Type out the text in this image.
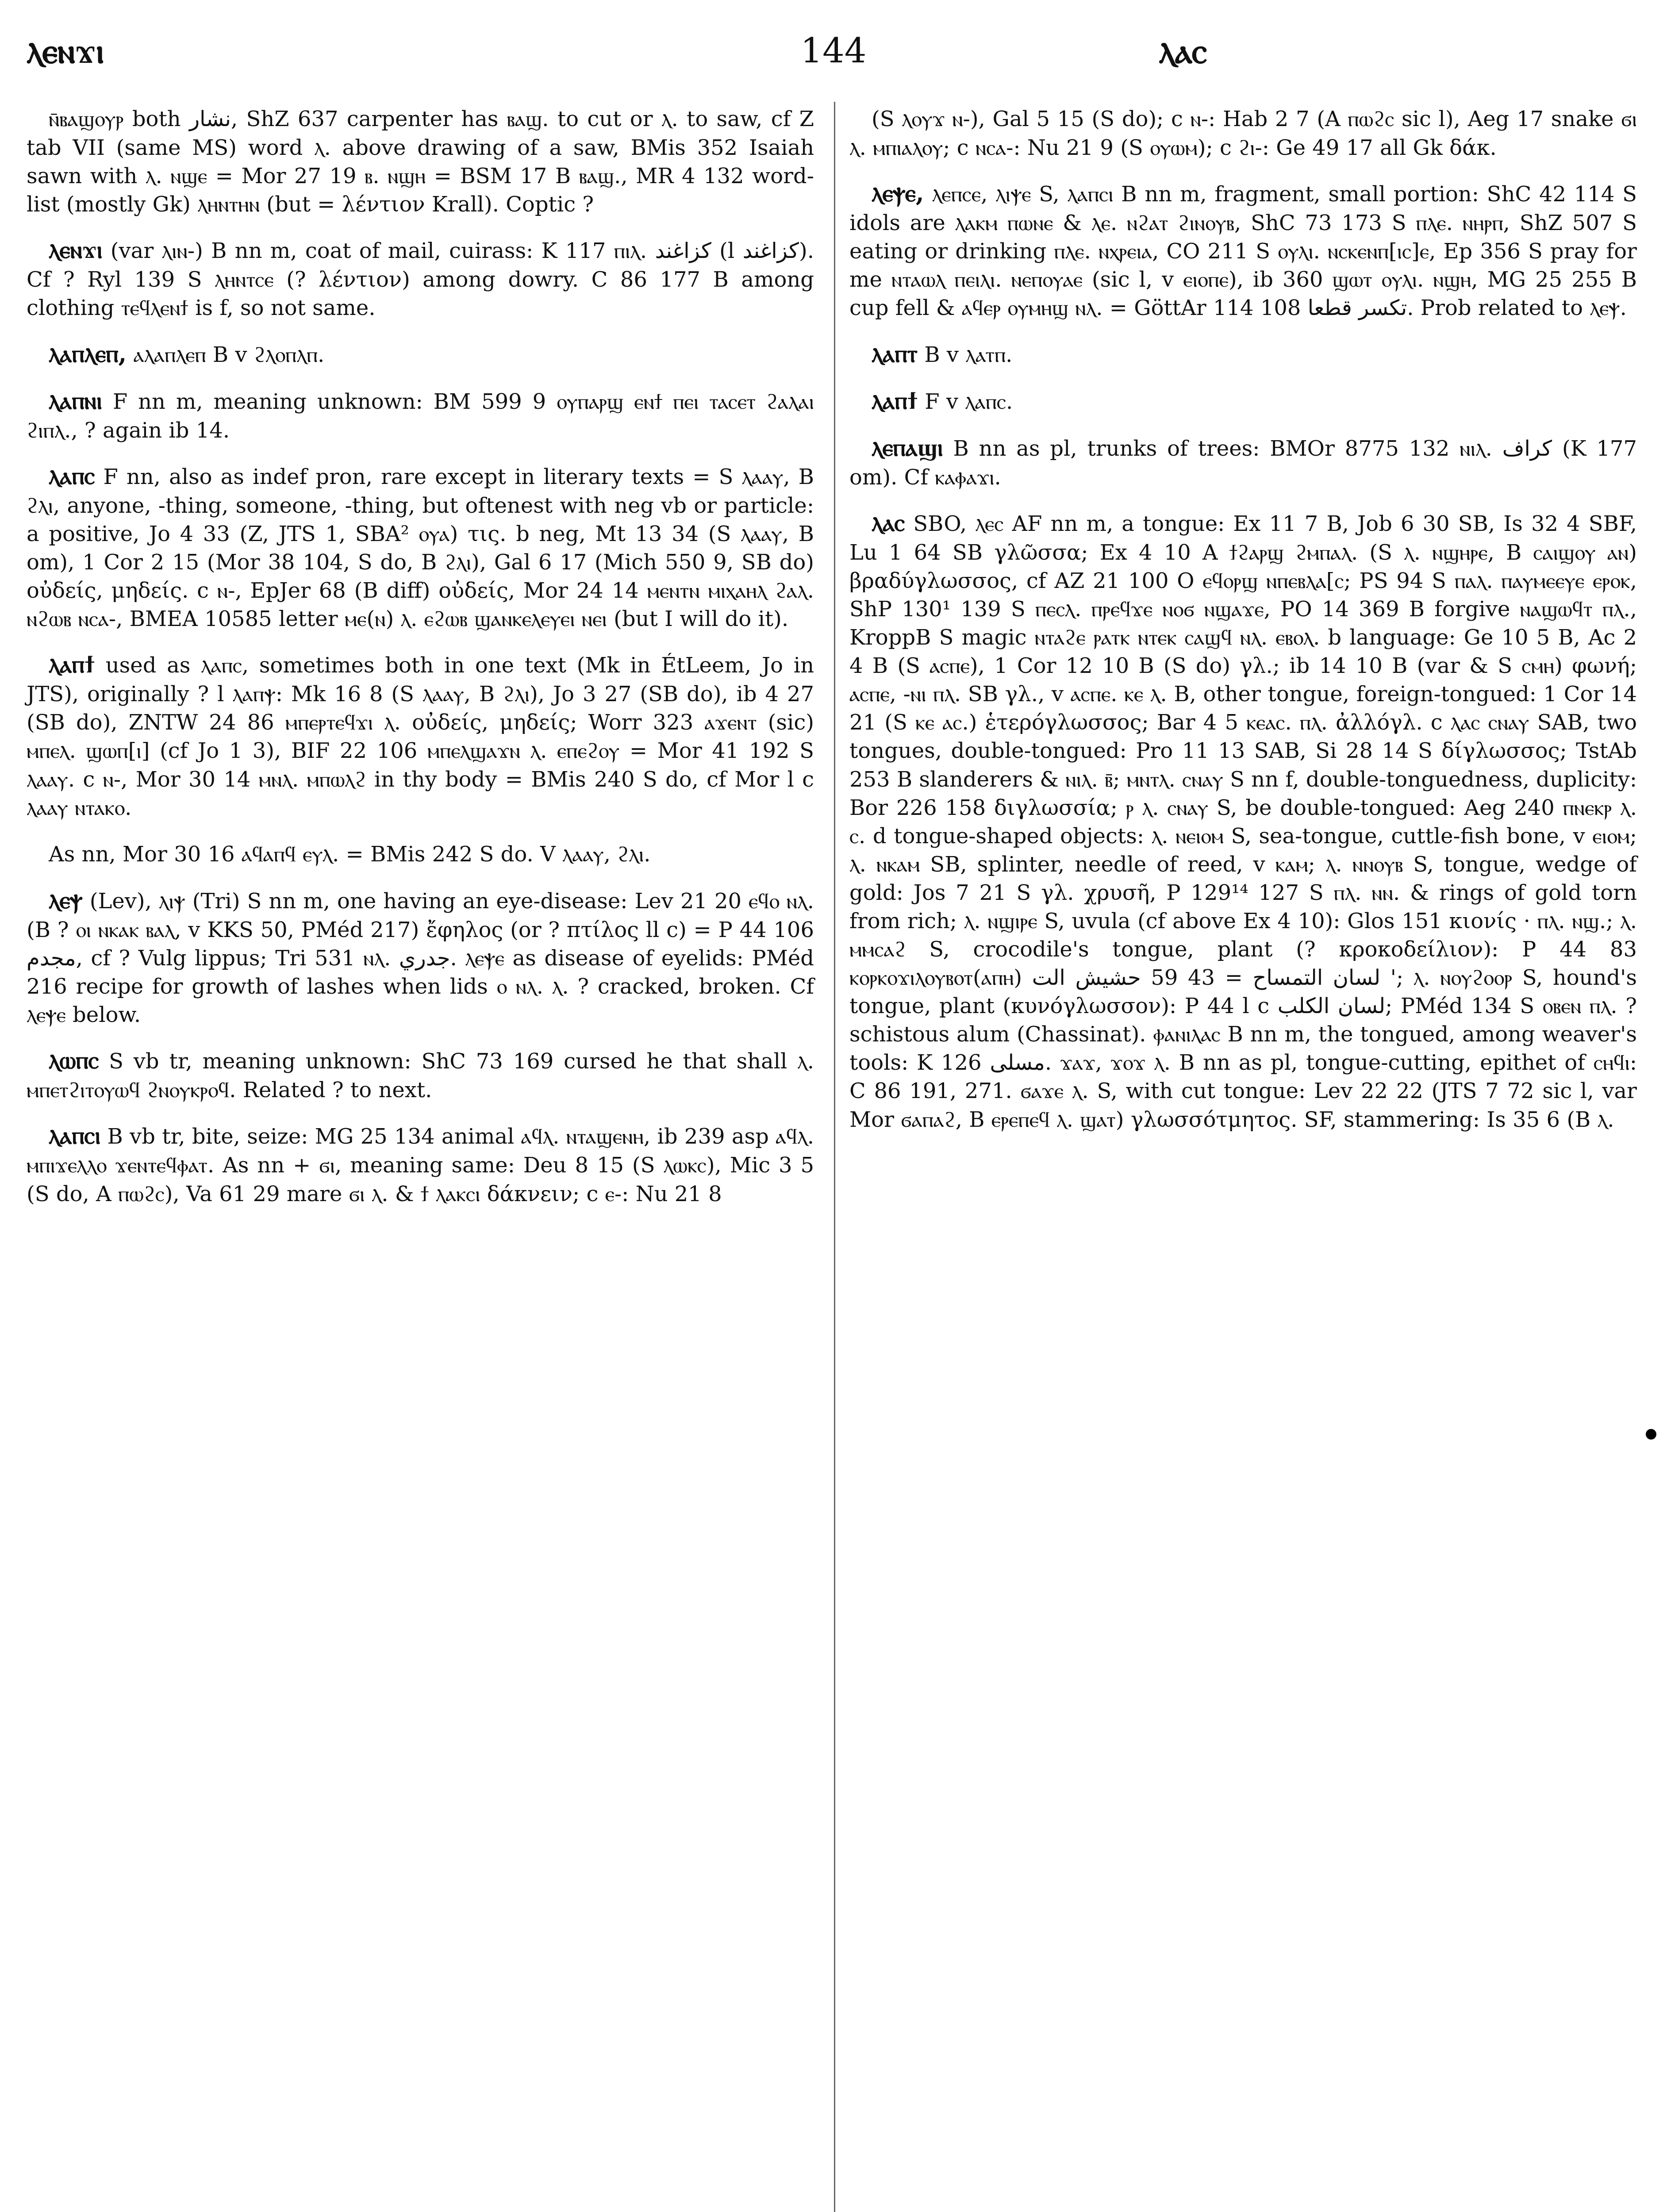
ⲗⲉⲛϫⲓ	144	ⲗⲁⲥ

ⲛ̄ⲃⲁϣⲟⲩⲣ both نشار, ShZ 637 carpenter has ⲃⲁϣ. to cut or ⲗ. to saw, cf Z tab VII (same MS) word ⲗ. above drawing of a saw, BMis 352 Isaiah sawn with ⲗ. ⲛϣⲉ = Mor 27 19 ⲃ. ⲛϣⲏ = BSM 17 B ⲃⲁϣ., MR 4 132 word-list (mostly Gk) ⲗⲏⲛⲧⲏⲛ (but = λέντιον Krall). Coptic ?

ⲗⲉⲛϫⲓ (var ⲗⲓⲛ-) B nn m, coat of mail, cuirass: K 117 ⲡⲓⲗ. كزاغند (l كزاغند). Cf ? Ryl 139 S ⲗⲏⲛⲧⲥⲉ (? λέντιον) among dowry. C 86 177 B among clothing ⲧⲉϥⲗⲉⲛϯ is f, so not same.

ⲗⲁⲡⲗⲉⲡ, ⲁⲗⲁⲡⲗⲉⲡ B v ϩⲗⲟⲡⲗⲡ.

ⲗⲁⲡⲛⲓ F nn m, meaning unknown: BM 599 9 ⲟⲩⲡⲁⲣϣ ⲉⲛϯ ⲡⲉⲓ ⲧⲁⲥⲉⲧ ϩⲁⲗⲁⲓ ϩⲓⲡⲗ., ? again ib 14.

ⲗⲁⲡⲥ F nn, also as indef pron, rare except in literary texts = S ⲗⲁⲁⲩ, B ϩⲗⲓ, anyone, -thing, someone, -thing, but oftenest with neg vb or particle: a positive, Jo 4 33 (Z, JTS 1, SBA² ⲟⲩⲁ) τις. b neg, Mt 13 34 (S ⲗⲁⲁⲩ, B om), 1 Cor 2 15 (Mor 38 104, S do, B ϩⲗⲓ), Gal 6 17 (Mich 550 9, SB do) οὐδείς, μηδείς. c ⲛ-, EpJer 68 (B diff) οὐδείς, Mor 24 14 ⲙⲉⲛⲧⲛ ⲙⲓⲭⲁⲏⲗ ϩⲁⲗ. ⲛϩⲱⲃ ⲛⲥⲁ-, BMEA 10585 letter ⲙⲉ(ⲛ) ⲗ. ⲉϩⲱⲃ ϣⲁⲛⲕⲉⲗⲉⲩⲉⲓ ⲛⲉⲓ (but I will do it).

ⲗⲁⲡϯ used as ⲗⲁⲡⲥ, sometimes both in one text (Mk in ÉtLeem, Jo in JTS), originally ? l ⲗⲁⲡⲯ: Mk 16 8 (S ⲗⲁⲁⲩ, B ϩⲗⲓ), Jo 3 27 (SB do), ib 4 27 (SB do), ZNTW 24 86 ⲙⲡⲉⲣⲧⲉϥϫⲓ ⲗ. οὐδείς, μηδείς; Worr 323 ⲁϫⲉⲛⲧ (sic) ⲙⲡⲉⲗ. ϣⲱⲡ[ⲓ] (cf Jo 1 3), BIF 22 106 ⲙⲡⲉⲗϣⲁϫⲛ ⲗ. ⲉⲡⲉϩⲟⲩ = Mor 41 192 S ⲗⲁⲁⲩ. c ⲛ-, Mor 30 14 ⲙⲛⲗ. ⲙⲡⲱⲗϩ in thy body = BMis 240 S do, cf Mor l c ⲗⲁⲁⲩ ⲛⲧⲁⲕⲟ.

As nn, Mor 30 16 ⲁϥⲁⲡϥ ⲉⲩⲗ. = BMis 242 S do. V ⲗⲁⲁⲩ, ϩⲗⲓ.

ⲗⲉⲯ (Lev), ⲗⲓⲯ (Tri) S nn m, one having an eye-disease: Lev 21 20 ⲉϥⲟ ⲛⲗ. (B ? ⲟⲓ ⲛⲕⲁⲕ ⲃⲁⲗ, v KKS 50, PMéd 217) ἔφηλος (or ? πτίλος ll c) = P 44 106 مجدم, cf ? Vulg lippus; Tri 531 ⲛⲗ. جدري. ⲗⲉⲯⲉ as disease of eyelids: PMéd 216 recipe for growth of lashes when lids ⲟ ⲛⲗ. ⲗ. ? cracked, broken. Cf ⲗⲉⲯⲉ below.

ⲗⲱⲡⲥ S vb tr, meaning unknown: ShC 73 169 cursed he that shall ⲗ. ⲙⲡⲉⲧϩⲓⲧⲟⲩⲱϥ ϩⲛⲟⲩⲕⲣⲟϥ. Related ? to next.

ⲗⲁⲡⲥⲓ B vb tr, bite, seize: MG 25 134 animal ⲁϥⲗ. ⲛⲧⲁϣⲉⲛⲏ, ib 239 asp ⲁϥⲗ. ⲙⲡⲓϫⲉⲗⲗⲟ ϫⲉⲛⲧⲉϥⲫⲁⲧ. As nn + ϭⲓ, meaning same: Deu 8 15 (S ⲗⲱⲕⲥ), Mic 3 5 (S do, A ⲡⲱϩⲥ), Va 61 29 mare ϭⲓ ⲗ. & ϯ ⲗⲁⲕⲥⲓ δάκνειν; c ⲉ-: Nu 21 8

(S ⲗⲟⲩϫ ⲛ-), Gal 5 15 (S do); c ⲛ-: Hab 2 7 (A ⲡⲱϩⲥ sic l), Aeg 17 snake ϭⲓ ⲗ. ⲙⲡⲓⲁⲗⲟⲩ; c ⲛⲥⲁ-: Nu 21 9 (S ⲟⲩⲱⲙ); c ϩⲓ-: Ge 49 17 all Gk δάκ.

ⲗⲉⲯⲉ, ⲗⲉⲡⲥⲉ, ⲗⲓⲯⲉ S, ⲗⲁⲡⲥⲓ B nn m, fragment, small portion: ShC 42 114 S idols are ⲗⲁⲕⲙ ⲡⲱⲛⲉ & ⲗⲉ. ⲛϩⲁⲧ ϩⲓⲛⲟⲩⲃ, ShC 73 173 S ⲡⲗⲉ. ⲛⲏⲣⲡ, ShZ 507 S eating or drinking ⲡⲗⲉ. ⲛⲭⲣⲉⲓⲁ, CO 211 S ⲟⲩⲗⲓ. ⲛⲥⲕⲉⲛⲡ[ⲓⲥ]ⲉ, Ep 356 S pray for me ⲛⲧⲁⲱⲗ ⲡⲉⲓⲗⲓ. ⲛⲉⲡⲟⲩⲁⲉ (sic l, v ⲉⲓⲟⲡⲉ), ib 360 ϣⲱⲧ ⲟⲩⲗⲓ. ⲛϣⲏ, MG 25 255 B cup fell & ⲁϥⲉⲣ ⲟⲩⲙⲏϣ ⲛⲗ. = GöttAr 114 108 تكسر قطعا. Prob related to ⲗⲉⲯ.

ⲗⲁⲡⲧ B v ⲗⲁⲧⲡ.

ⲗⲁⲡϯ F v ⲗⲁⲡⲥ.

ⲗⲉⲡⲁϣⲓ B nn as pl, trunks of trees: BMOr 8775 132 ⲛⲓⲗ. كراف (K 177 om). Cf ⲕⲁⲫⲁϫⲓ.

ⲗⲁⲥ SBO, ⲗⲉⲥ AF nn m, a tongue: Ex 11 7 B, Job 6 30 SB, Is 32 4 SBF, Lu 1 64 SB γλῶσσα; Ex 4 10 A ϯϩⲁⲣϣ ϩⲙⲡⲁⲗ. (S ⲗ. ⲛϣⲏⲣⲉ, B ⲥⲁⲓϣⲟⲩ ⲁⲛ) βραδύγλωσσος, cf AZ 21 100 O ⲉϥⲟⲣϣ ⲛⲡⲉⲃⲗⲁ[ⲥ; PS 94 S ⲡⲁⲗ. ⲡⲁⲩⲙⲉⲉⲩⲉ ⲉⲣⲟⲕ, ShP 130¹ 139 S ⲡⲉⲥⲗ. ⲡⲣⲉϥϫⲉ ⲛⲟϭ ⲛϣⲁϫⲉ, PO 14 369 B forgive ⲛⲁϣⲱϥⲧ ⲡⲗ., KroppB S magic ⲛⲧⲁϩⲉ ⲣⲁⲧⲕ ⲛⲧⲉⲕ ⲥⲁϣϥ ⲛⲗ. ⲉⲃⲟⲗ. b language: Ge 10 5 B, Ac 2 4 B (S ⲁⲥⲡⲉ), 1 Cor 12 10 B (S do) γλ.; ib 14 10 B (var & S ⲥⲙⲏ) φωνή; ⲁⲥⲡⲉ, -ⲛⲓ ⲡⲗ. SB γλ., v ⲁⲥⲡⲉ. ⲕⲉ ⲗ. B, other tongue, foreign-tongued: 1 Cor 14 21 (S ⲕⲉ ⲁⲥ.) ἑτερόγλωσσος; Bar 4 5 ⲕⲉⲁⲥ. ⲡⲗ. ἀλλόγλ. c ⲗⲁⲥ ⲥⲛⲁⲩ SAB, two tongues, double-tongued: Pro 11 13 SAB, Si 28 14 S δίγλωσσος; TstAb 253 B slanderers & ⲛⲓⲗ. ⲃ̄; ⲙⲛⲧⲗ. ⲥⲛⲁⲩ S nn f, double-tonguedness, duplicity: Bor 226 158 διγλωσσία; ⲣ ⲗ. ⲥⲛⲁⲩ S, be double-tongued: Aeg 240 ⲡⲛⲉⲕⲣ ⲗ. ⲥ. d tongue-shaped objects: ⲗ. ⲛⲉⲓⲟⲙ S, sea-tongue, cuttle-fish bone, v ⲉⲓⲟⲙ; ⲗ. ⲛⲕⲁⲙ SB, splinter, needle of reed, v ⲕⲁⲙ; ⲗ. ⲛⲛⲟⲩⲃ S, tongue, wedge of gold: Jos 7 21 S γλ. χρυσῆ, P 129¹⁴ 127 S ⲡⲗ. ⲛⲛ. & rings of gold torn from rich; ⲗ. ⲛϣⲓⲣⲉ S, uvula (cf above Ex 4 10): Glos 151 κιονίς · ⲡⲗ. ⲛϣ.; ⲗ. ⲙⲙⲥⲁϩ S, crocodile's tongue, plant (? κροκοδείλιον): P 44 83 ⲕⲟⲣⲕⲟϫⲓⲗⲟⲩⲃⲟⲧ(ⲁⲡⲏ) لسان التمساح = 43 59 حشيش الت '; ⲗ. ⲛⲟⲩϩⲟⲟⲣ S, hound's tongue, plant (κυνόγλωσσον): P 44 l c لسان الكلب; PMéd 134 S ⲟⲃⲉⲛ ⲡⲗ. ? schistous alum (Chassinat). ⲫⲁⲛⲓⲗⲁⲥ B nn m, the tongued, among weaver's tools: K 126 مسلى. ϫⲁϫ, ϫⲟϫ ⲗ. B nn as pl, tongue-cutting, epithet of ⲥⲏϥⲓ: C 86 191, 271. ϭⲁϫⲉ ⲗ. S, with cut tongue: Lev 22 22 (JTS 7 72 sic l, var Mor ϭⲁⲡⲁϩ, B ⲉⲣⲉⲡⲉϥ ⲗ. ϣⲁⲧ) γλωσσότμητος. SF, stammering: Is 35 6 (B ⲗ.
